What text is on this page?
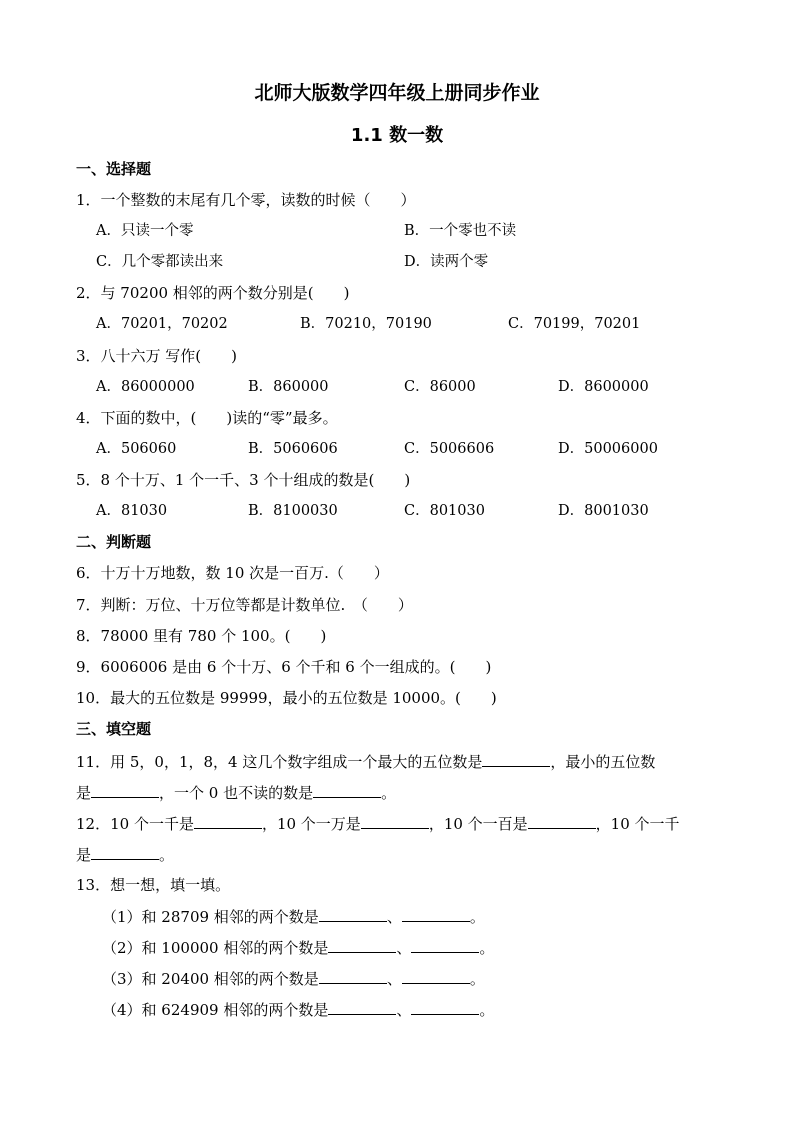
北师大版数学四年级上册同步作业
1.1 数一数
一、选择题
1．一个整数的末尾有几个零，读数的时候（　　）
A．只读一个零	B．一个零也不读
C．几个零都读出来	D．读两个零
2．与 70200 相邻的两个数分别是(　　)
A．70201，70202	B．70210，70190	C．70199，70201
3．八十六万 写作(　　)
A．86000000	B．860000	C．86000	D．8600000
4．下面的数中，(　　)读的“零”最多。
A．506060	B．5060606	C．5006606	D．50006000
5．8 个十万、1 个一千、3 个十组成的数是(　　)
A．81030	B．8100030	C．801030	D．8001030
二、判断题
6．十万十万地数，数 10 次是一百万.（　　）
7．判断：万位、十万位等都是计数单位.　（　　）
8．78000 里有 780 个 100。(　　)
9．6006006 是由 6 个十万、6 个千和 6 个一组成的。(　　)
10．最大的五位数是 99999，最小的五位数是 10000。(　　)
三、填空题
11．用 5，0，1，8，4 这几个数字组成一个最大的五位数是	，最小的五位数
是	，一个 0 也不读的数是	。
12．10 个一千是	，10 个一万是	，10 个一百是	，10 个一千
是	。
13．想一想，填一填。
（1）和 28709 相邻的两个数是	、	。
（2）和 100000 相邻的两个数是	、	。
（3）和 20400 相邻的两个数是	、	。
（4）和 624909 相邻的两个数是	、	。
